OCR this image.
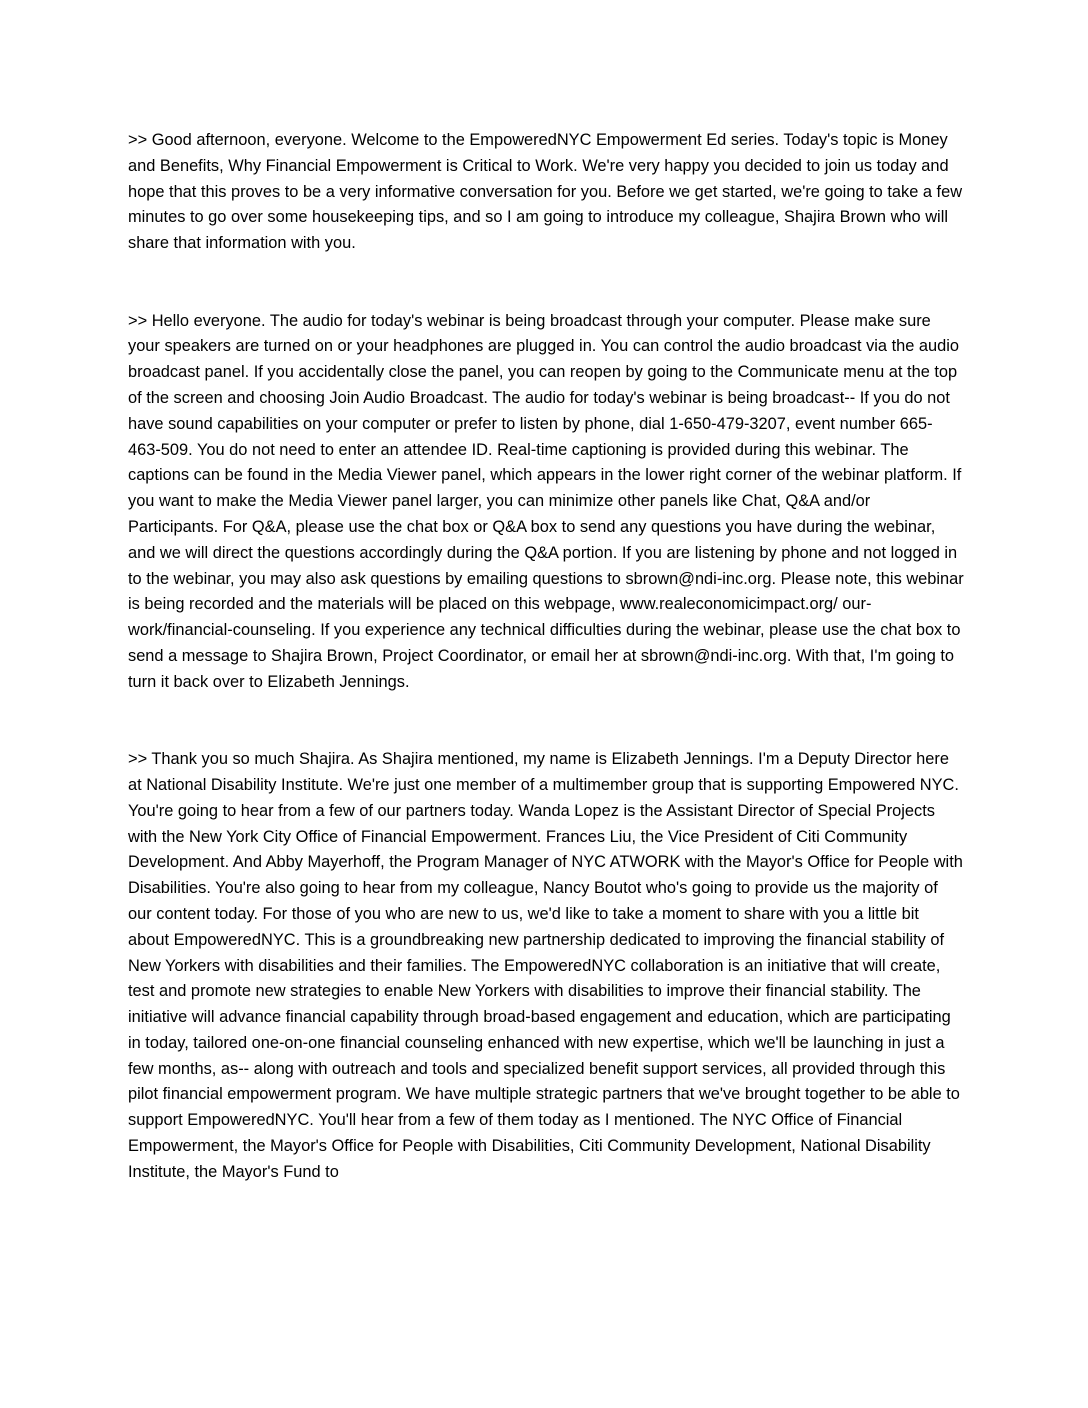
>> Good afternoon, everyone. Welcome to the EmpoweredNYC Empowerment Ed series. Today's topic is Money and Benefits, Why Financial Empowerment is Critical to Work. We're very happy you decided to join us today and hope that this proves to be a very informative conversation for you. Before we get started, we're going to take a few minutes to go over some housekeeping tips, and so I am going to introduce my colleague, Shajira Brown who will share that information with you.

>> Hello everyone. The audio for today's webinar is being broadcast through your computer. Please make sure your speakers are turned on or your headphones are plugged in. You can control the audio broadcast via the audio broadcast panel. If you accidentally close the panel, you can reopen by going to the Communicate menu at the top of the screen and choosing Join Audio Broadcast. The audio for today's webinar is being broadcast-- If you do not have sound capabilities on your computer or prefer to listen by phone, dial 1-650-479-3207, event number 665-463-509. You do not need to enter an attendee ID. Real-time captioning is provided during this webinar. The captions can be found in the Media Viewer panel, which appears in the lower right corner of the webinar platform. If you want to make the Media Viewer panel larger, you can minimize other panels like Chat, Q&A and/or Participants. For Q&A, please use the chat box or Q&A box to send any questions you have during the webinar, and we will direct the questions accordingly during the Q&A portion. If you are listening by phone and not logged in to the webinar, you may also ask questions by emailing questions to sbrown@ndi-inc.org. Please note, this webinar is being recorded and the materials will be placed on this webpage, www.realeconomicimpact.org/ our-work/financial-counseling. If you experience any technical difficulties during the webinar, please use the chat box to send a message to Shajira Brown, Project Coordinator, or email her at sbrown@ndi-inc.org. With that, I'm going to turn it back over to Elizabeth Jennings.

>> Thank you so much Shajira. As Shajira mentioned, my name is Elizabeth Jennings. I'm a Deputy Director here at National Disability Institute. We're just one member of a multimember group that is supporting Empowered NYC. You're going to hear from a few of our partners today. Wanda Lopez is the Assistant Director of Special Projects with the New York City Office of Financial Empowerment. Frances Liu, the Vice President of Citi Community Development. And Abby Mayerhoff, the Program Manager of NYC ATWORK with the Mayor's Office for People with Disabilities. You're also going to hear from my colleague, Nancy Boutot who's going to provide us the majority of our content today. For those of you who are new to us, we'd like to take a moment to share with you a little bit about EmpoweredNYC. This is a groundbreaking new partnership dedicated to improving the financial stability of New Yorkers with disabilities and their families. The EmpoweredNYC collaboration is an initiative that will create, test and promote new strategies to enable New Yorkers with disabilities to improve their financial stability. The initiative will advance financial capability through broad-based engagement and education, which are participating in today, tailored one-on-one financial counseling enhanced with new expertise, which we'll be launching in just a few months, as-- along with outreach and tools and specialized benefit support services, all provided through this pilot financial empowerment program. We have multiple strategic partners that we've brought together to be able to support EmpoweredNYC. You'll hear from a few of them today as I mentioned. The NYC Office of Financial Empowerment, the Mayor's Office for People with Disabilities, Citi Community Development, National Disability Institute, the Mayor's Fund to
